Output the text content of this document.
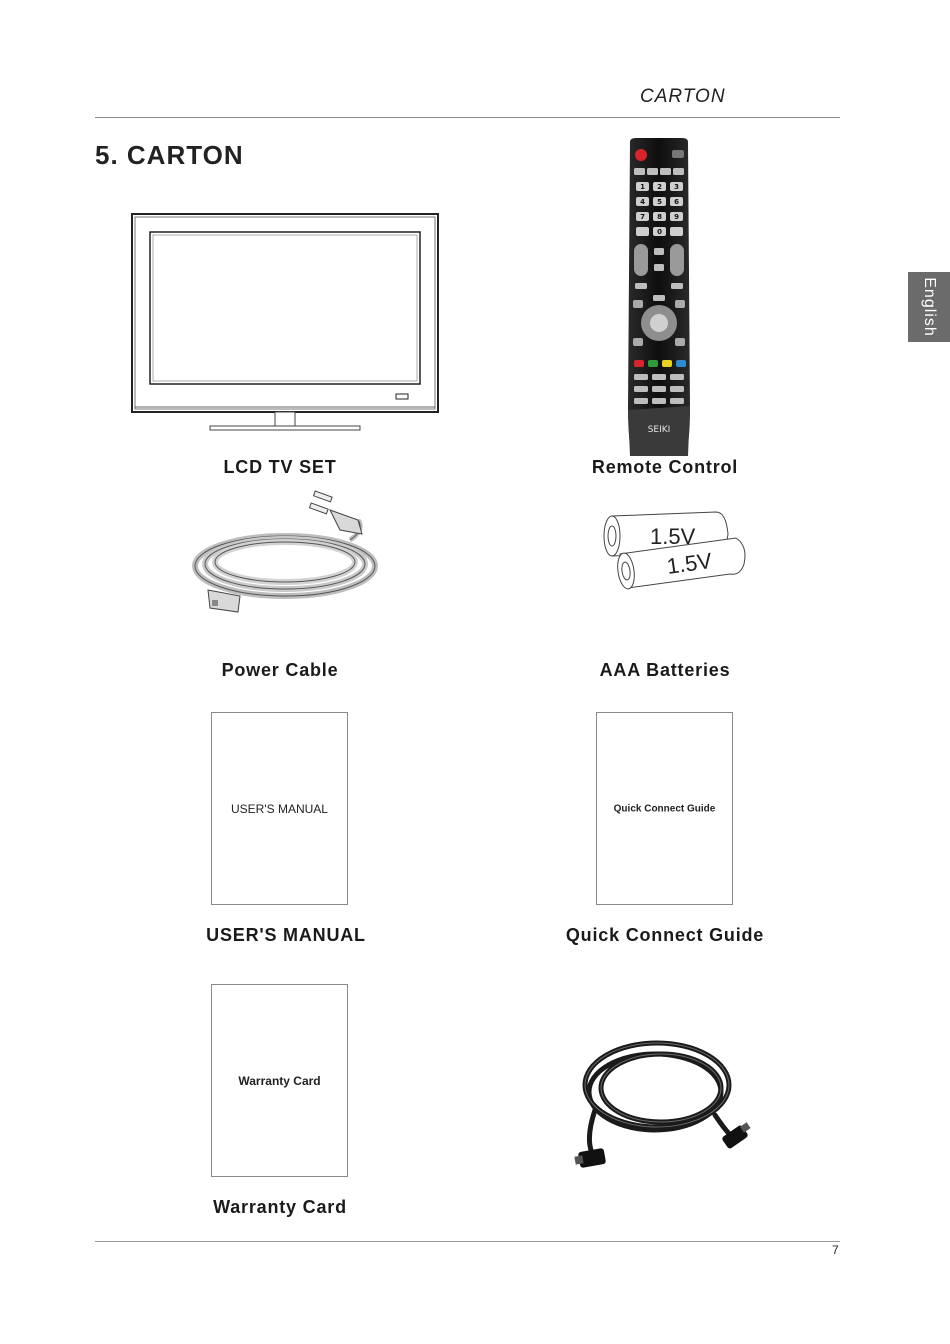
CARTON
5. CARTON
English
LCD TV SET
1 2 3
4 5 6
7 8 9
0
SEIKI
Remote Control
Power Cable
1.5V
1.5V
AAA Batteries
USER'S MANUAL
USER'S MANUAL
Quick Connect Guide
Quick Connect Guide
Warranty Card
Warranty Card
7
